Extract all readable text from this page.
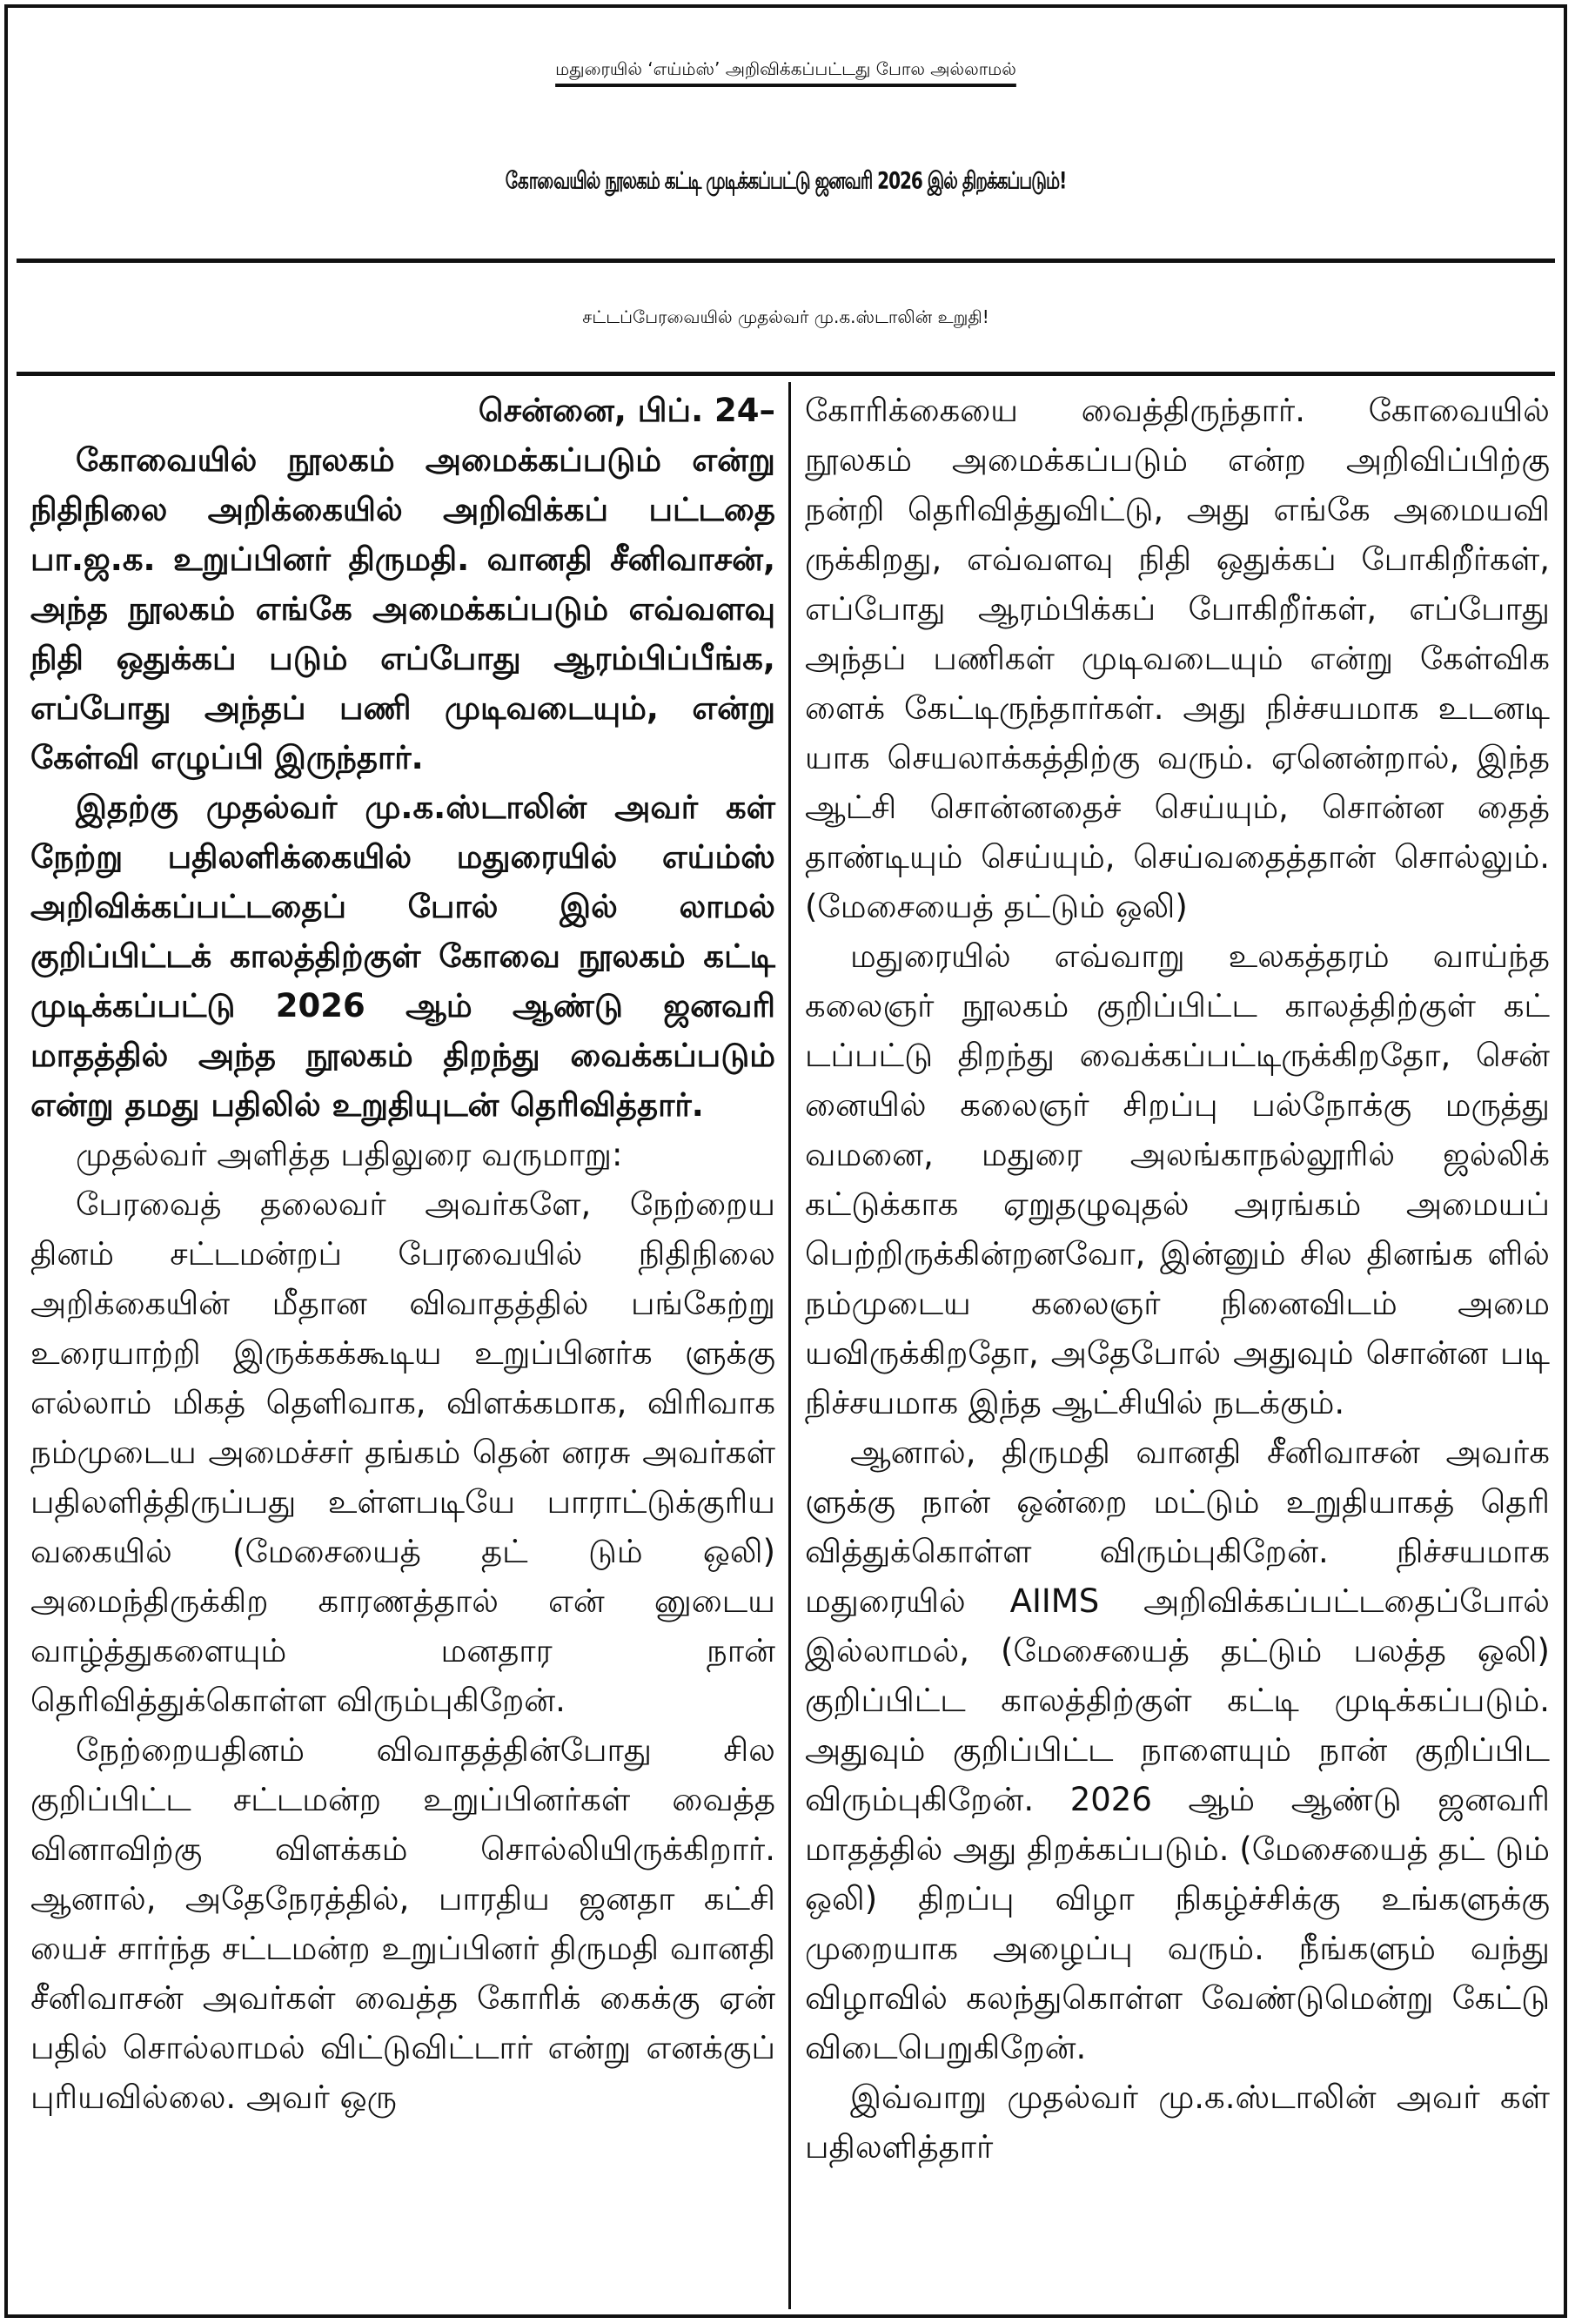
மதுரையில் ‘எய்ம்ஸ்’ அறிவிக்கப்பட்டது போல அல்லாமல்
கோவையில் நூலகம் கட்டி முடிக்கப்பட்டு ஜனவரி 2026 இல் திறக்கப்படும்!
சட்டப்பேரவையில் முதல்வர் மு.க.ஸ்டாலின் உறுதி!

சென்னை, பிப். 24–

கோவையில் நூலகம் அமைக்கப்படும் என்று நிதிநிலை அறிக்கையில் அறிவிக்கப் பட்டதை பா.ஜ.க. உறுப்பினர் திருமதி. வானதி சீனிவாசன், அந்த நூலகம் எங்கே அமைக்கப்படும் எவ்வளவு நிதி ஒதுக்கப் படும் எப்போது ஆரம்பிப்பீங்க, எப்போது அந்தப் பணி முடிவடையும், என்று கேள்வி எழுப்பி இருந்தார்.

இதற்கு முதல்வர் மு.க.ஸ்டாலின் அவர் கள் நேற்று பதிலளிக்கையில் மதுரையில் எய்ம்ஸ் அறிவிக்கப்பட்டதைப் போல் இல் லாமல் குறிப்பிட்டக் காலத்திற்குள் கோவை நூலகம் கட்டி முடிக்கப்பட்டு 2026 ஆம் ஆண்டு ஜனவரி மாதத்தில் அந்த நூலகம் திறந்து வைக்கப்படும் என்று தமது பதிலில் உறுதியுடன் தெரிவித்தார்.

முதல்வர் அளித்த பதிலுரை வருமாறு:

பேரவைத் தலைவர் அவர்களே, நேற்றைய தினம் சட்டமன்றப் பேரவையில் நிதிநிலை அறிக்கையின் மீதான விவாதத்தில் பங்கேற்று உரையாற்றி இருக்கக்கூடிய உறுப்பினர்க ளுக்கு எல்லாம் மிகத் தெளிவாக, விளக்கமாக, விரிவாக நம்முடைய அமைச்சர் தங்கம் தென் னரசு அவர்கள் பதிலளித்திருப்பது உள்ளபடியே பாராட்டுக்குரிய வகையில் (மேசையைத் தட் டும் ஒலி) அமைந்திருக்கிற காரணத்தால் என் னுடைய வாழ்த்துகளையும் மனதார நான் தெரிவித்துக்கொள்ள விரும்புகிறேன்.

நேற்றையதினம் விவாதத்தின்போது சில குறிப்பிட்ட சட்டமன்ற உறுப்பினர்கள் வைத்த வினாவிற்கு விளக்கம் சொல்லியிருக்கிறார். ஆனால், அதேநேரத்தில், பாரதிய ஜனதா கட்சி யைச் சார்ந்த சட்டமன்ற உறுப்பினர் திருமதி வானதி சீனிவாசன் அவர்கள் வைத்த கோரிக் கைக்கு ஏன் பதில் சொல்லாமல் விட்டுவிட்டார் என்று எனக்குப் புரியவில்லை. அவர் ஒரு

கோரிக்கையை வைத்திருந்தார். கோவையில் நூலகம் அமைக்கப்படும் என்ற அறிவிப்பிற்கு நன்றி தெரிவித்துவிட்டு, அது எங்கே அமையவி ருக்கிறது, எவ்வளவு நிதி ஒதுக்கப் போகிறீர்கள், எப்போது ஆரம்பிக்கப் போகிறீர்கள், எப்போது அந்தப் பணிகள் முடிவடையும் என்று கேள்விக ளைக் கேட்டிருந்தார்கள். அது நிச்சயமாக உடனடி யாக செயலாக்கத்திற்கு வரும். ஏனென்றால், இந்த ஆட்சி சொன்னதைச் செய்யும், சொன்ன தைத் தாண்டியும் செய்யும், செய்வதைத்தான் சொல்லும். (மேசையைத் தட்டும் ஒலி)

மதுரையில் எவ்வாறு உலகத்தரம் வாய்ந்த கலைஞர் நூலகம் குறிப்பிட்ட காலத்திற்குள் கட் டப்பட்டு திறந்து வைக்கப்பட்டிருக்கிறதோ, சென் னையில் கலைஞர் சிறப்பு பல்நோக்கு மருத்து வமனை, மதுரை அலங்காநல்லூரில் ஜல்லிக் கட்டுக்காக ஏறுதழுவுதல் அரங்கம் அமையப் பெற்றிருக்கின்றனவோ, இன்னும் சில தினங்க ளில் நம்முடைய கலைஞர் நினைவிடம் அமை யவிருக்கிறதோ, அதேபோல் அதுவும் சொன்ன படி நிச்சயமாக இந்த ஆட்சியில் நடக்கும்.

ஆனால், திருமதி வானதி சீனிவாசன் அவர்க ளுக்கு நான் ஒன்றை மட்டும் உறுதியாகத் தெரி வித்துக்கொள்ள விரும்புகிறேன். நிச்சயமாக மதுரையில் AIIMS அறிவிக்கப்பட்டதைப்போல் இல்லாமல், (மேசையைத் தட்டும் பலத்த ஒலி) குறிப்பிட்ட காலத்திற்குள் கட்டி முடிக்கப்படும். அதுவும் குறிப்பிட்ட நாளையும் நான் குறிப்பிட விரும்புகிறேன். 2026 ஆம் ஆண்டு ஜனவரி மாதத்தில் அது திறக்கப்படும். (மேசையைத் தட் டும் ஒலி) திறப்பு விழா நிகழ்ச்சிக்கு உங்களுக்கு முறையாக அழைப்பு வரும். நீங்களும் வந்து விழாவில் கலந்துகொள்ள வேண்டுமென்று கேட்டு விடைபெறுகிறேன்.

இவ்வாறு முதல்வர் மு.க.ஸ்டாலின் அவர் கள் பதிலளித்தார்
